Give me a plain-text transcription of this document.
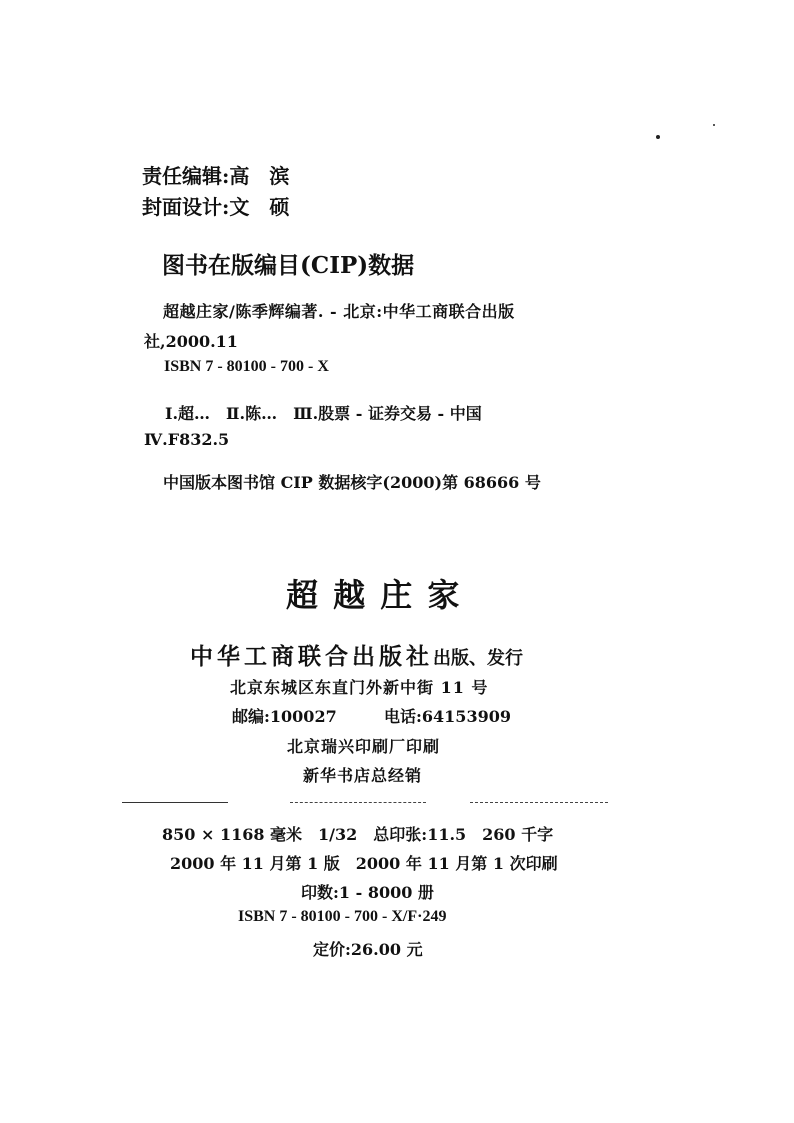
责任编辑:高　滨
封面设计:文　硕
图书在版编目(CIP)数据
超越庄家/陈季辉编著. - 北京:中华工商联合出版
社,2000.11
ISBN 7 - 80100 - 700 - X
Ⅰ.超…　Ⅱ.陈…　Ⅲ.股票 - 证券交易 - 中国
Ⅳ.F832.5
中国版本图书馆 CIP 数据核字(2000)第 68666 号
超 越 庄 家
中华工商联合出版社出版、发行
北京东城区东直门外新中街 11 号
邮编:100027	电话:64153909
北京瑞兴印刷厂印刷
新华书店总经销
850 × 1168 毫米　1/32　总印张:11.5　260 千字
2000 年 11 月第 1 版　2000 年 11 月第 1 次印刷
印数:1 - 8000 册
ISBN 7 - 80100 - 700 - X/F·249
定价:26.00 元
